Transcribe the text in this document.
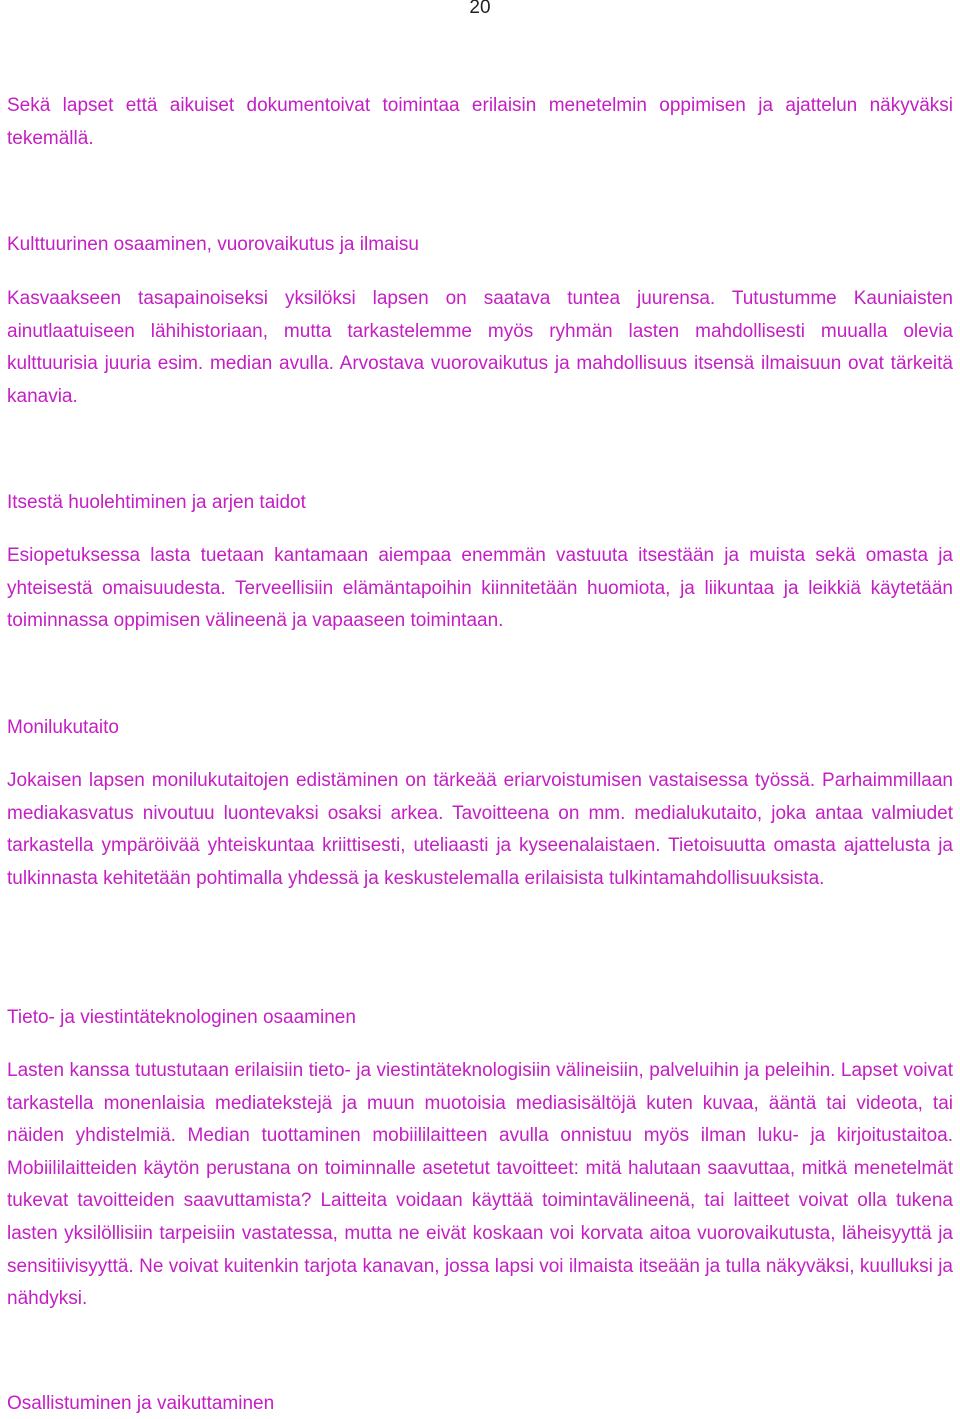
20

Sekä lapset että aikuiset dokumentoivat toimintaa erilaisin menetelmin oppimisen ja ajattelun näkyväksi tekemällä.

Kulttuurinen osaaminen, vuorovaikutus ja ilmaisu

Kasvaakseen tasapainoiseksi yksilöksi lapsen on saatava tuntea juurensa. Tutustumme Kauniaisten ainutlaatuiseen lähihistoriaan, mutta tarkastelemme myös ryhmän lasten mahdollisesti muualla olevia kulttuurisia juuria esim. median avulla. Arvostava vuorovaikutus ja mahdollisuus itsensä ilmaisuun ovat tärkeitä kanavia.

Itsestä huolehtiminen ja arjen taidot

Esiopetuksessa lasta tuetaan kantamaan aiempaa enemmän vastuuta itsestään ja muista sekä omasta ja yhteisestä omaisuudesta. Terveellisiin elämäntapoihin kiinnitetään huomiota, ja liikuntaa ja leikkiä käytetään toiminnassa oppimisen välineenä ja vapaaseen toimintaan.

Monilukutaito

Jokaisen lapsen monilukutaitojen edistäminen on tärkeää eriarvoistumisen vastaisessa työssä. Parhaimmillaan mediakasvatus nivoutuu luontevaksi osaksi arkea. Tavoitteena on mm. medialukutaito, joka antaa valmiudet tarkastella ympäröivää yhteiskuntaa kriittisesti, uteliaasti ja kyseenalaistaen. Tietoisuutta omasta ajattelusta ja tulkinnasta kehitetään pohtimalla yhdessä ja keskustelemalla erilaisista tulkintamahdollisuuksista.

Tieto- ja viestintäteknologinen osaaminen

Lasten kanssa tutustutaan erilaisiin tieto- ja viestintäteknologisiin välineisiin, palveluihin ja peleihin. Lapset voivat tarkastella monenlaisia mediatekstejä ja muun muotoisia mediasisältöjä kuten kuvaa, ääntä tai videota, tai näiden yhdistelmiä. Median tuottaminen mobiililaitteen avulla onnistuu myös ilman luku- ja kirjoitustaitoa. Mobiililaitteiden käytön perustana on toiminnalle asetetut tavoitteet: mitä halutaan saavuttaa, mitkä menetelmät tukevat tavoitteiden saavuttamista? Laitteita voidaan käyttää toimintavälineenä, tai laitteet voivat olla tukena lasten yksilöllisiin tarpeisiin vastatessa, mutta ne eivät koskaan voi korvata aitoa vuorovaikutusta, läheisyyttä ja sensitiivisyyttä. Ne voivat kuitenkin tarjota kanavan, jossa lapsi voi ilmaista itseään ja tulla näkyväksi, kuulluksi ja nähdyksi.

Osallistuminen ja vaikuttaminen
